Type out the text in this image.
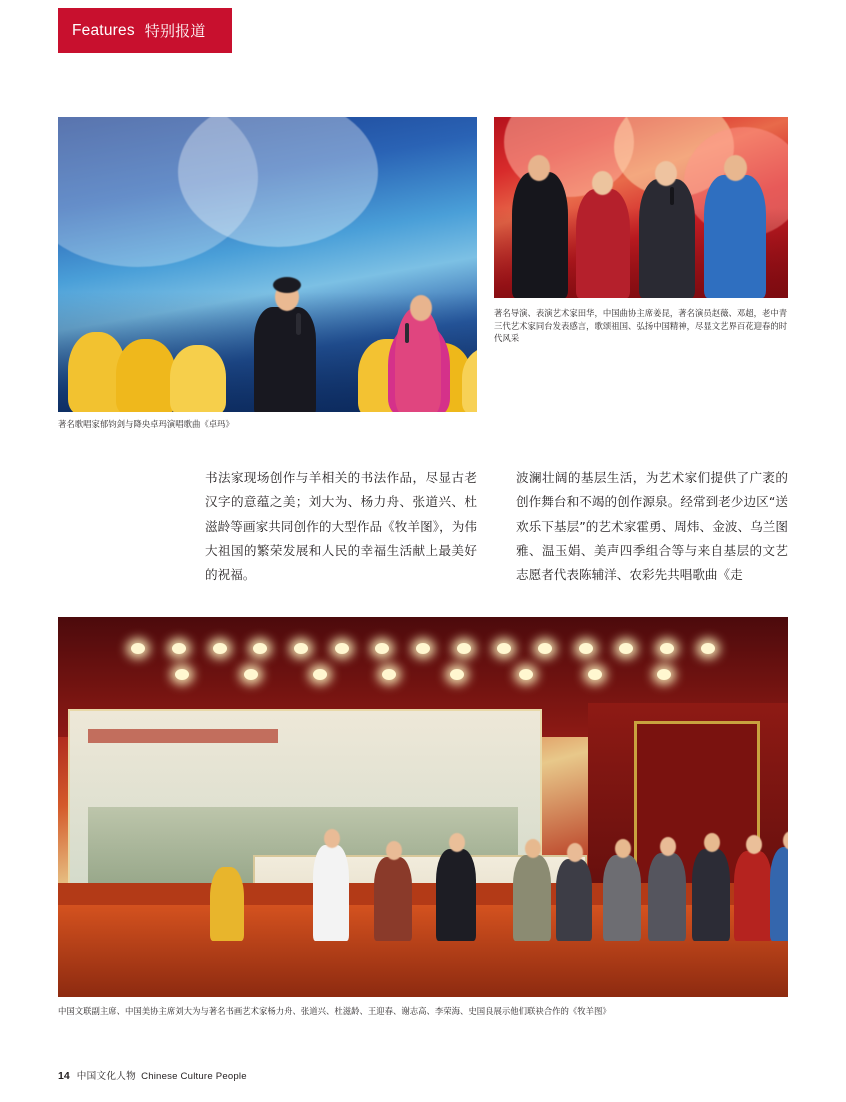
Features 特别报道
著名歌唱家郁钧剑与降央卓玛演唱歌曲《卓玛》
著名导演、表演艺术家田华，中国曲协主席姜昆，著名演员赵薇、邓超，老中青三代艺术家同台发表感言，歌颂祖国、弘扬中国精神，尽显文艺界百花迎春的时代风采
书法家现场创作与羊相关的书法作品，尽显古老汉字的意蕴之美；刘大为、杨力舟、张道兴、杜滋龄等画家共同创作的大型作品《牧羊图》，为伟大祖国的繁荣发展和人民的幸福生活献上最美好的祝福。
波澜壮阔的基层生活，为艺术家们提供了广袤的创作舞台和不竭的创作源泉。经常到老少边区“送欢乐下基层”的艺术家霍勇、周炜、金波、乌兰图雅、温玉娟、美声四季组合等与来自基层的文艺志愿者代表陈辅洋、农彩先共唱歌曲《走
中国文联副主席、中国美协主席刘大为与著名书画艺术家杨力舟、张道兴、杜滋龄、王迎春、谢志高、李荣海、史国良展示他们联袂合作的《牧羊图》
14 中国文化人物 Chinese Culture People
